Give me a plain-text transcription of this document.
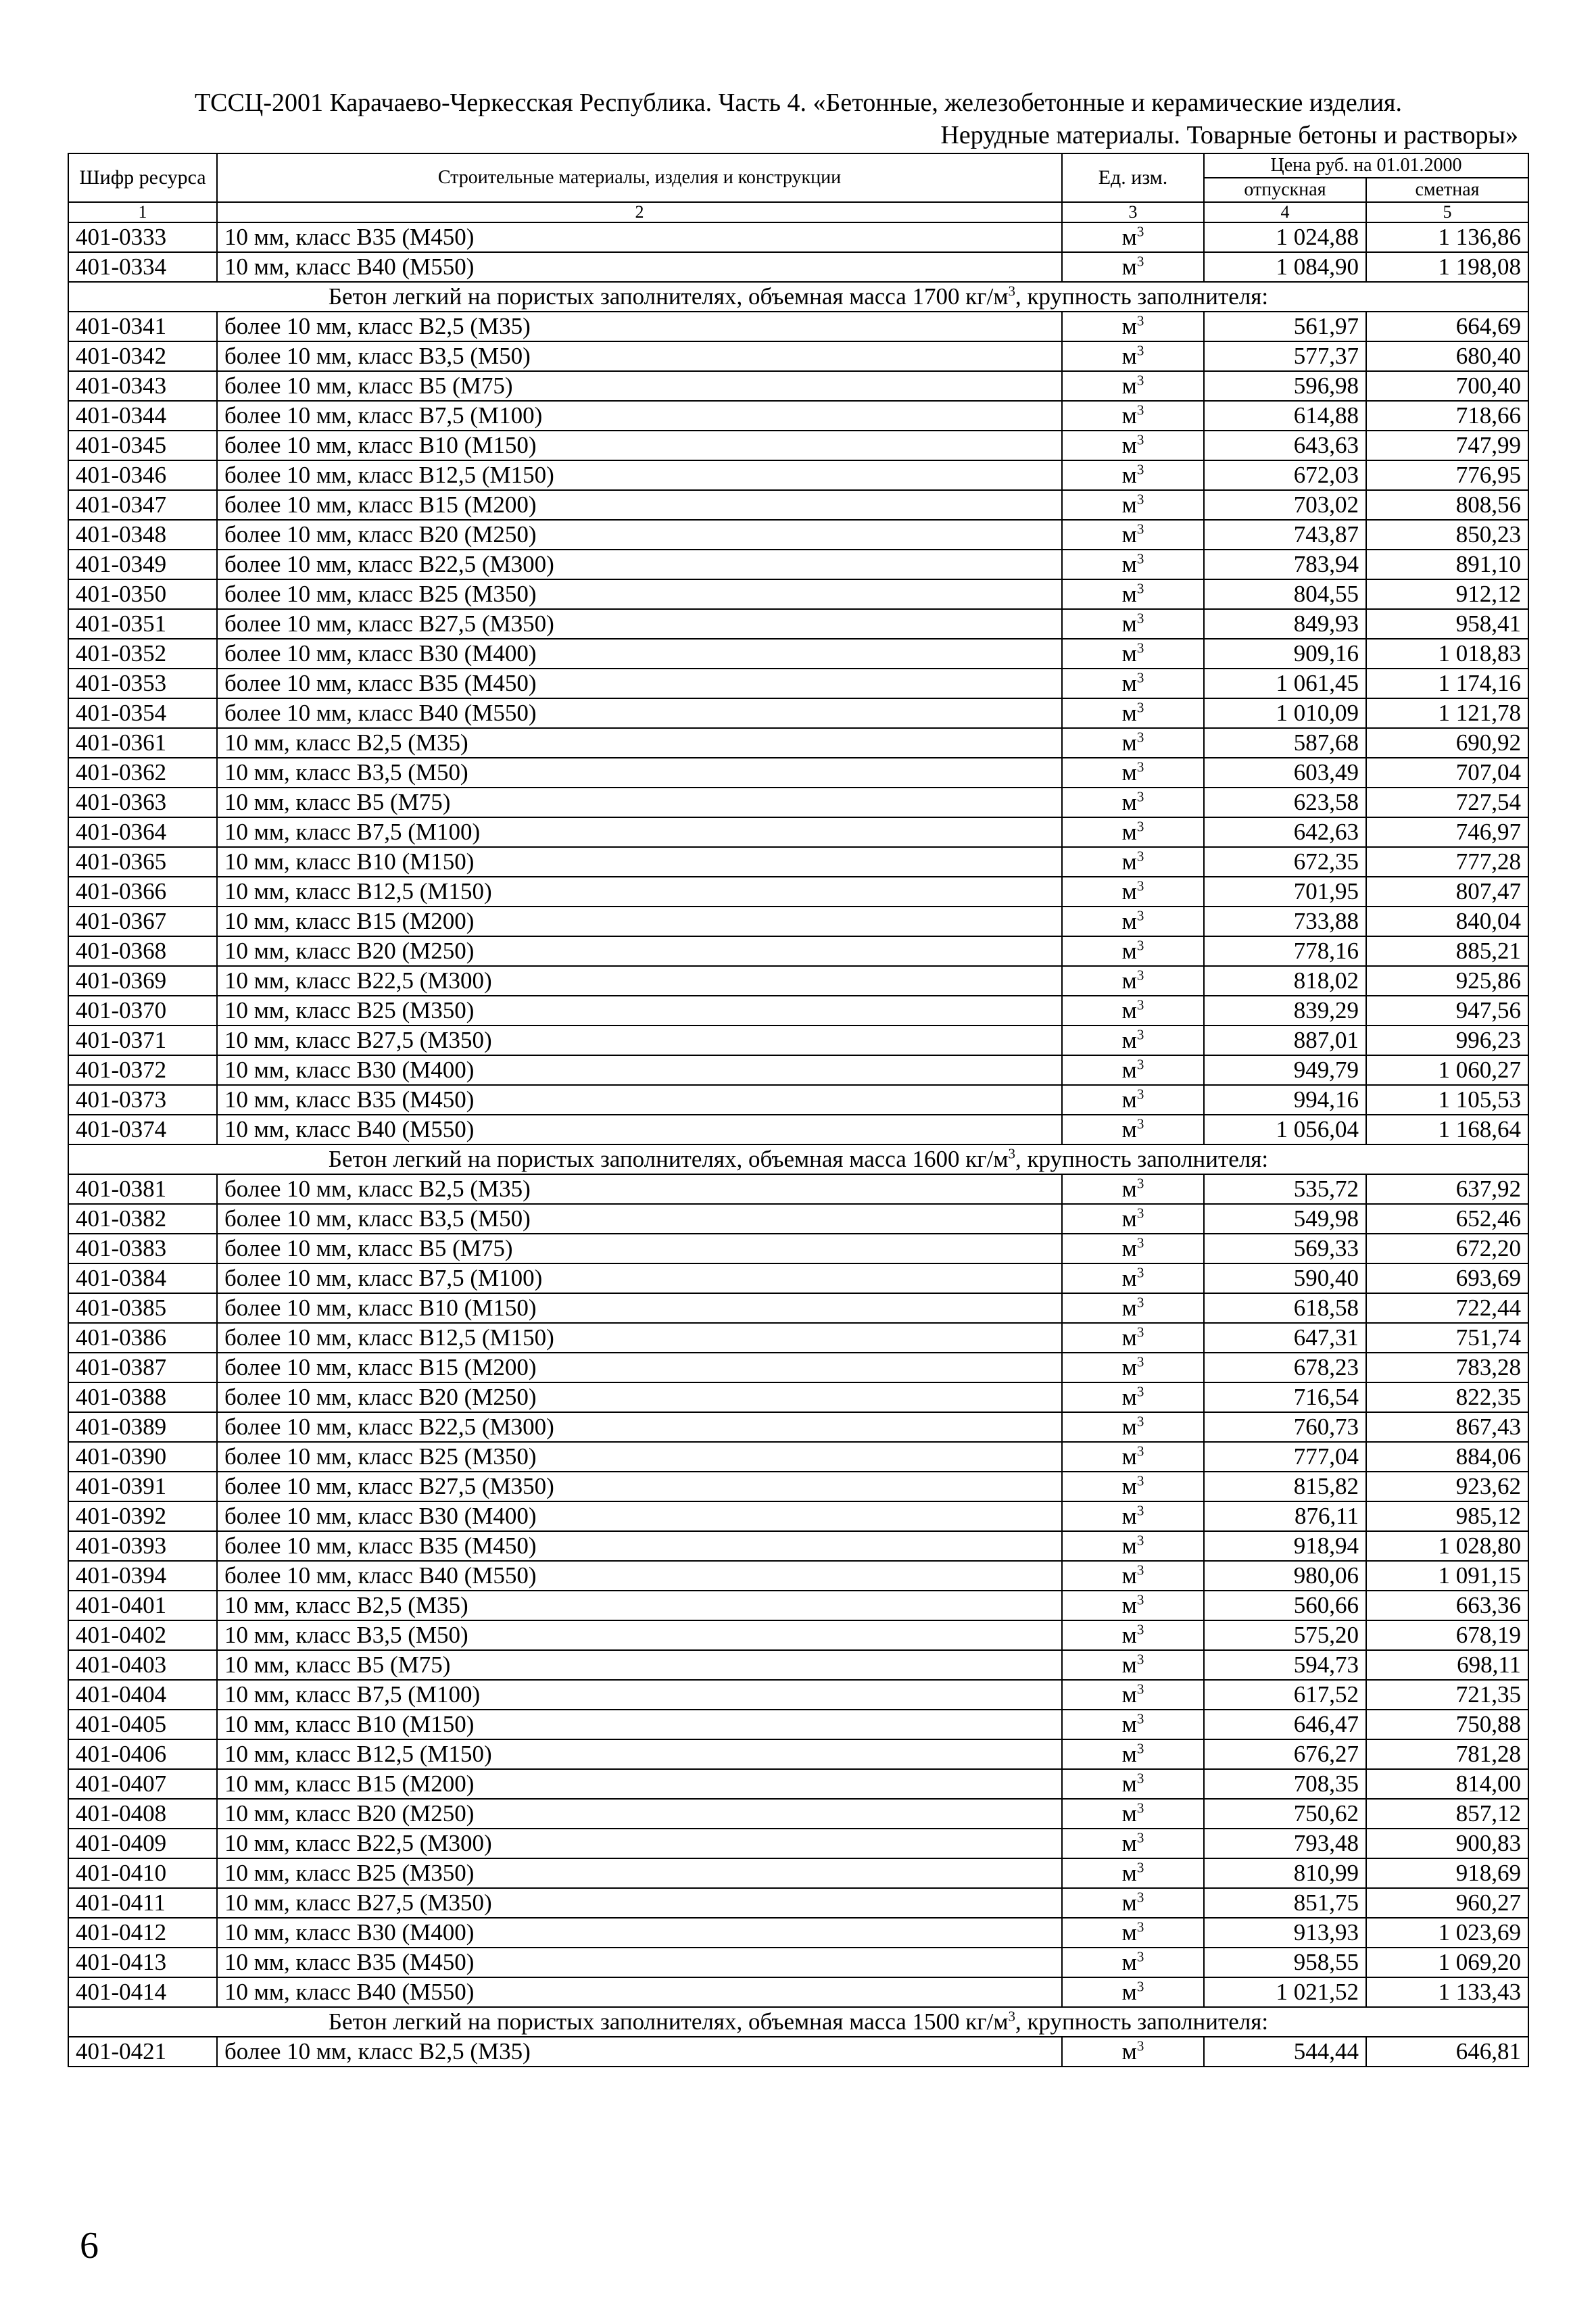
ТССЦ-2001 Карачаево-Черкесская Республика. Часть 4. «Бетонные, железобетонные и керамические изделия.
Нерудные материалы. Товарные бетоны и растворы»
Шифр ресурса	Строительные материалы, изделия и конструкции	Ед. изм.	Цена руб. на 01.01.2000	
			отпускная	сметная
1	2	3	4	5
401-0333	10 мм, класс В35 (М450)	$м^3$	1 024,88	1 136,86
401-0334	10 мм, класс В40 (М550)	$м^3$	1 084,90	1 198,08
Бетон легкий на пористых заполнителях, объемная масса 1700 $кг/м^3$, крупность заполнителя:				
401-0341	более 10 мм, класс В2,5 (М35)	$м^3$	561,97	664,69
401-0342	более 10 мм, класс В3,5 (М50)	$м^3$	577,37	680,40
401-0343	более 10 мм, класс В5 (М75)	$м^3$	596,98	700,40
401-0344	более 10 мм, класс В7,5 (М100)	$м^3$	614,88	718,66
401-0345	более 10 мм, класс В10 (М150)	$м^3$	643,63	747,99
401-0346	более 10 мм, класс В12,5 (М150)	$м^3$	672,03	776,95
401-0347	более 10 мм, класс В15 (М200)	$м^3$	703,02	808,56
401-0348	более 10 мм, класс В20 (М250)	$м^3$	743,87	850,23
401-0349	более 10 мм, класс В22,5 (М300)	$м^3$	783,94	891,10
401-0350	более 10 мм, класс В25 (М350)	$м^3$	804,55	912,12
401-0351	более 10 мм, класс В27,5 (М350)	$м^3$	849,93	958,41
401-0352	более 10 мм, класс В30 (М400)	$м^3$	909,16	1 018,83
401-0353	более 10 мм, класс В35 (М450)	$м^3$	1 061,45	1 174,16
401-0354	более 10 мм, класс В40 (М550)	$м^3$	1 010,09	1 121,78
401-0361	10 мм, класс В2,5 (М35)	$м^3$	587,68	690,92
401-0362	10 мм, класс В3,5 (М50)	$м^3$	603,49	707,04
401-0363	10 мм, класс В5 (М75)	$м^3$	623,58	727,54
401-0364	10 мм, класс В7,5 (М100)	$м^3$	642,63	746,97
401-0365	10 мм, класс В10 (М150)	$м^3$	672,35	777,28
401-0366	10 мм, класс В12,5 (М150)	$м^3$	701,95	807,47
401-0367	10 мм, класс В15 (М200)	$м^3$	733,88	840,04
401-0368	10 мм, класс В20 (М250)	$м^3$	778,16	885,21
401-0369	10 мм, класс В22,5 (М300)	$м^3$	818,02	925,86
401-0370	10 мм, класс В25 (М350)	$м^3$	839,29	947,56
401-0371	10 мм, класс В27,5 (М350)	$м^3$	887,01	996,23
401-0372	10 мм, класс В30 (М400)	$м^3$	949,79	1 060,27
401-0373	10 мм, класс В35 (М450)	$м^3$	994,16	1 105,53
401-0374	10 мм, класс В40 (М550)	$м^3$	1 056,04	1 168,64
Бетон легкий на пористых заполнителях, объемная масса 1600 $кг/м^3$, крупность заполнителя:				
401-0381	более 10 мм, класс В2,5 (М35)	$м^3$	535,72	637,92
401-0382	более 10 мм, класс В3,5 (М50)	$м^3$	549,98	652,46
401-0383	более 10 мм, класс В5 (М75)	$м^3$	569,33	672,20
401-0384	более 10 мм, класс В7,5 (М100)	$м^3$	590,40	693,69
401-0385	более 10 мм, класс В10 (М150)	$м^3$	618,58	722,44
401-0386	более 10 мм, класс В12,5 (М150)	$м^3$	647,31	751,74
401-0387	более 10 мм, класс В15 (М200)	$м^3$	678,23	783,28
401-0388	более 10 мм, класс В20 (М250)	$м^3$	716,54	822,35
401-0389	более 10 мм, класс В22,5 (М300)	$м^3$	760,73	867,43
401-0390	более 10 мм, класс В25 (М350)	$м^3$	777,04	884,06
401-0391	более 10 мм, класс В27,5 (М350)	$м^3$	815,82	923,62
401-0392	более 10 мм, класс В30 (М400)	$м^3$	876,11	985,12
401-0393	более 10 мм, класс В35 (М450)	$м^3$	918,94	1 028,80
401-0394	более 10 мм, класс В40 (М550)	$м^3$	980,06	1 091,15
401-0401	10 мм, класс В2,5 (М35)	$м^3$	560,66	663,36
401-0402	10 мм, класс В3,5 (М50)	$м^3$	575,20	678,19
401-0403	10 мм, класс В5 (М75)	$м^3$	594,73	698,11
401-0404	10 мм, класс В7,5 (М100)	$м^3$	617,52	721,35
401-0405	10 мм, класс В10 (М150)	$м^3$	646,47	750,88
401-0406	10 мм, класс В12,5 (М150)	$м^3$	676,27	781,28
401-0407	10 мм, класс В15 (М200)	$м^3$	708,35	814,00
401-0408	10 мм, класс В20 (М250)	$м^3$	750,62	857,12
401-0409	10 мм, класс В22,5 (М300)	$м^3$	793,48	900,83
401-0410	10 мм, класс В25 (М350)	$м^3$	810,99	918,69
401-0411	10 мм, класс В27,5 (М350)	$м^3$	851,75	960,27
401-0412	10 мм, класс В30 (М400)	$м^3$	913,93	1 023,69
401-0413	10 мм, класс В35 (М450)	$м^3$	958,55	1 069,20
401-0414	10 мм, класс В40 (М550)	$м^3$	1 021,52	1 133,43
Бетон легкий на пористых заполнителях, объемная масса 1500 $кг/м^3$, крупность заполнителя:				
401-0421	более 10 мм, класс В2,5 (М35)	$м^3$	544,44	646,81
6
